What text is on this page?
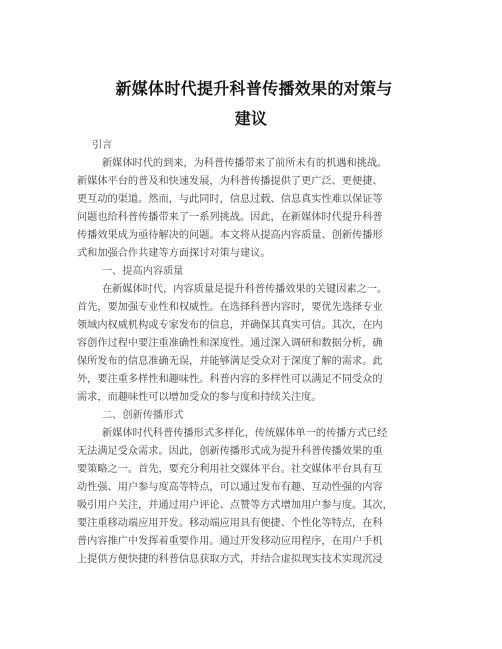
新媒体时代提升科普传播效果的对策与
建议
引言
新媒体时代的到来，为科普传播带来了前所未有的机遇和挑战。
新媒体平台的普及和快速发展，为科普传播提供了更广泛、更便捷、
更互动的渠道。然而，与此同时，信息过载、信息真实性难以保证等
问题也给科普传播带来了一系列挑战。因此，在新媒体时代提升科普
传播效果成为亟待解决的问题。本文将从提高内容质量、创新传播形
式和加强合作共建等方面探讨对策与建议。
一、提高内容质量
在新媒体时代，内容质量是提升科普传播效果的关键因素之一。
首先，要加强专业性和权威性。在选择科普内容时，要优先选择专业
领域内权威机构或专家发布的信息，并确保其真实可信。其次，在内
容创作过程中要注重准确性和深度性。通过深入调研和数据分析，确
保所发布的信息准确无误，并能够满足受众对于深度了解的需求。此
外，要注重多样性和趣味性。科普内容的多样性可以满足不同受众的
需求，而趣味性可以增加受众的参与度和持续关注度。
二、创新传播形式
新媒体时代科普传播形式多样化，传统媒体单一的传播方式已经
无法满足受众需求。因此，创新传播形式成为提升科普传播效果的重
要策略之一。首先，要充分利用社交媒体平台。社交媒体平台具有互
动性强、用户参与度高等特点，可以通过发布有趣、互动性强的内容
吸引用户关注，并通过用户评论、点赞等方式增加用户参与度。其次，
要注重移动端应用开发。移动端应用具有便捷、个性化等特点，在科
普内容推广中发挥着重要作用。通过开发移动应用程序，在用户手机
上提供方便快捷的科普信息获取方式，并结合虚拟现实技术实现沉浸
